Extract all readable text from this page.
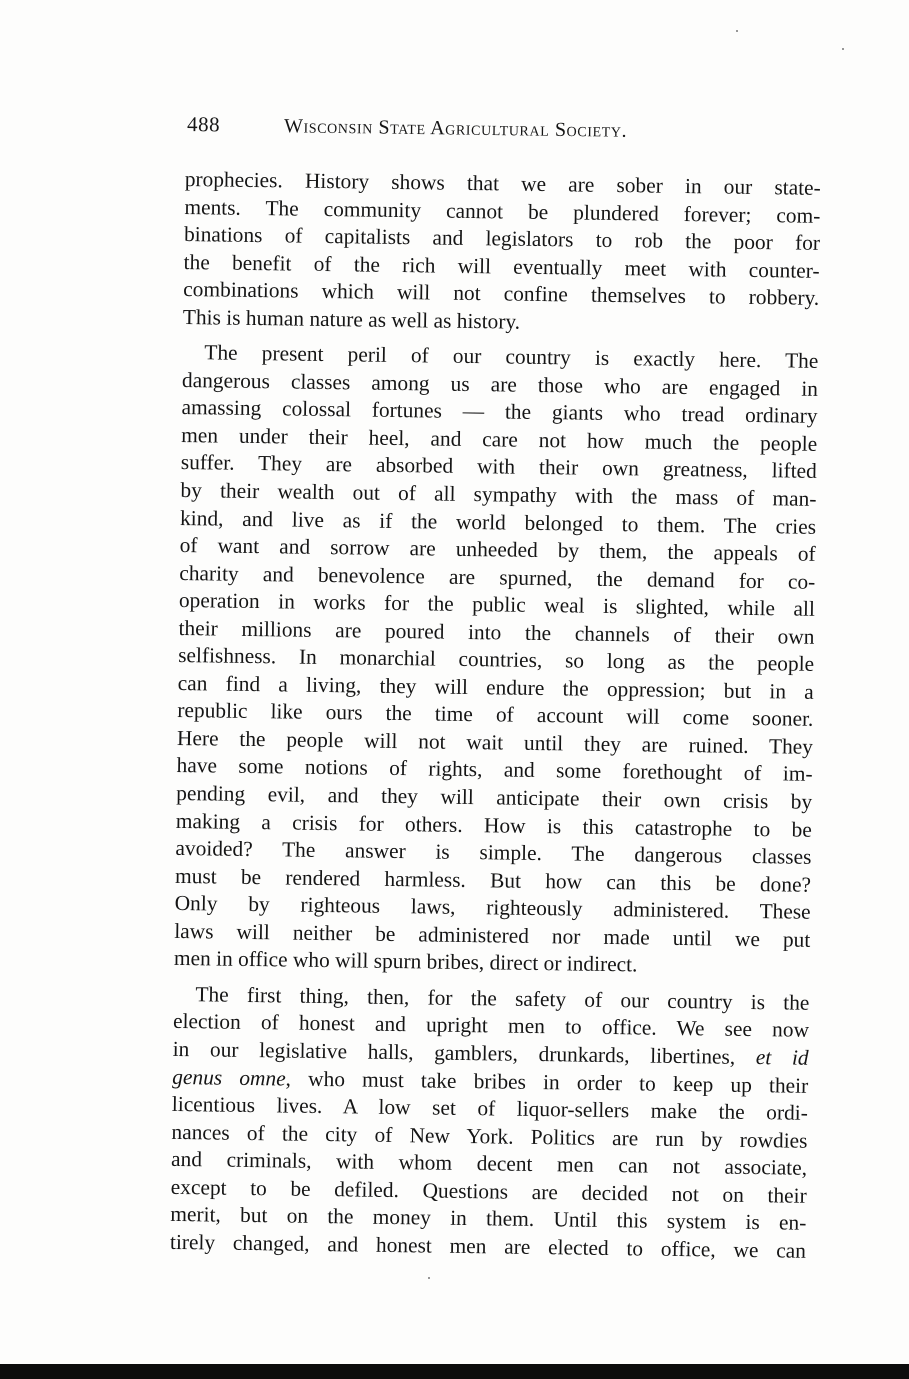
488	Wisconsin State Agricultural Society.

prophecies. History shows that we are sober in our state-
ments. The community cannot be plundered forever; com-
binations of capitalists and legislators to rob the poor for
the benefit of the rich will eventually meet with counter-
combinations which will not confine themselves to robbery.
This is human nature as well as history.

The present peril of our country is exactly here. The
dangerous classes among us are those who are engaged in
amassing colossal fortunes — the giants who tread ordinary
men under their heel, and care not how much the people
suffer. They are absorbed with their own greatness, lifted
by their wealth out of all sympathy with the mass of man-
kind, and live as if the world belonged to them. The cries
of want and sorrow are unheeded by them, the appeals of
charity and benevolence are spurned, the demand for co-
operation in works for the public weal is slighted, while all
their millions are poured into the channels of their own
selfishness. In monarchial countries, so long as the people
can find a living, they will endure the oppression; but in a
republic like ours the time of account will come sooner.
Here the people will not wait until they are ruined. They
have some notions of rights, and some forethought of im-
pending evil, and they will anticipate their own crisis by
making a crisis for others. How is this catastrophe to be
avoided? The answer is simple. The dangerous classes
must be rendered harmless. But how can this be done?
Only by righteous laws, righteously administered. These
laws will neither be administered nor made until we put
men in office who will spurn bribes, direct or indirect.

The first thing, then, for the safety of our country is the
election of honest and upright men to office. We see now
in our legislative halls, gamblers, drunkards, libertines, et id
genus omne, who must take bribes in order to keep up their
licentious lives. A low set of liquor-sellers make the ordi-
nances of the city of New York. Politics are run by rowdies
and criminals, with whom decent men can not associate,
except to be defiled. Questions are decided not on their
merit, but on the money in them. Until this system is en-
tirely changed, and honest men are elected to office, we can
